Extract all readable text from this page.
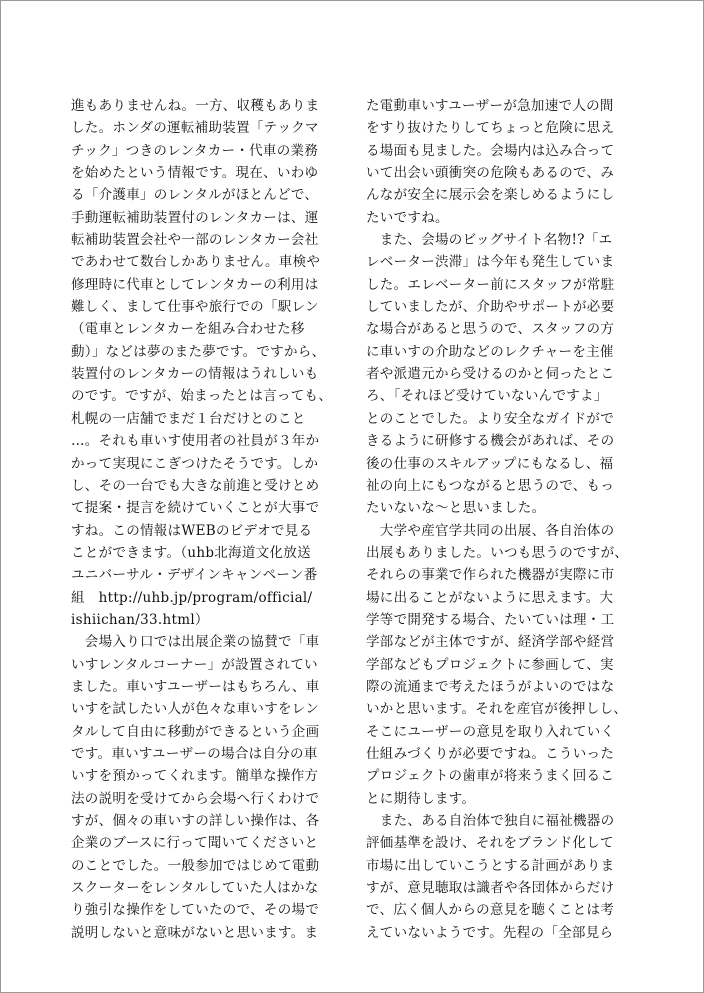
進もありませんね。一方、収穫もありま
した。ホンダの運転補助装置「テックマ
チック」つきのレンタカー・代車の業務
を始めたという情報です。現在、いわゆ
る「介護車」のレンタルがほとんどで、
手動運転補助装置付のレンタカーは、運
転補助装置会社や一部のレンタカー会社
であわせて数台しかありません。車検や
修理時に代車としてレンタカーの利用は
難しく、まして仕事や旅行での「駅レン
（電車とレンタカーを組み合わせた移
動）」などは夢のまた夢です。ですから、
装置付のレンタカーの情報はうれしいも
のです。ですが、始まったとは言っても、
札幌の一店舗でまだ１台だけとのこと
…。それも車いす使用者の社員が３年か
かって実現にこぎつけたそうです。しか
し、その一台でも大きな前進と受けとめ
て提案・提言を続けていくことが大事で
すね。この情報はWEBのビデオで見る
ことができます。（uhb北海道文化放送
ユニバーサル・デザインキャンペーン番
組　http://uhb.jp/program/official/
ishiichan/33.html）
　会場入り口では出展企業の協賛で「車
いすレンタルコーナー」が設置されてい
ました。車いすユーザーはもちろん、車
いすを試したい人が色々な車いすをレン
タルして自由に移動ができるという企画
です。車いすユーザーの場合は自分の車
いすを預かってくれます。簡単な操作方
法の説明を受けてから会場へ行くわけで
すが、個々の車いすの詳しい操作は、各
企業のブースに行って聞いてくださいと
のことでした。一般参加ではじめて電動
スクーターをレンタルしていた人はかな
り強引な操作をしていたので、その場で
説明しないと意味がないと思います。ま
た電動車いすユーザーが急加速で人の間
をすり抜けたりしてちょっと危険に思え
る場面も見ました。会場内は込み合って
いて出会い頭衝突の危険もあるので、み
んなが安全に展示会を楽しめるようにし
たいですね。
　また、会場のビッグサイト名物!?「エ
レベーター渋滞」は今年も発生していま
した。エレベーター前にスタッフが常駐
していましたが、介助やサポートが必要
な場合があると思うので、スタッフの方
に車いすの介助などのレクチャーを主催
者や派遣元から受けるのかと伺ったとこ
ろ、「それほど受けていないんですよ」
とのことでした。より安全なガイドがで
きるように研修する機会があれば、その
後の仕事のスキルアップにもなるし、福
祉の向上にもつながると思うので、もっ
たいないな～と思いました。
　大学や産官学共同の出展、各自治体の
出展もありました。いつも思うのですが、
それらの事業で作られた機器が実際に市
場に出ることがないように思えます。大
学等で開発する場合、たいていは理・工
学部などが主体ですが、経済学部や経営
学部などもプロジェクトに参画して、実
際の流通まで考えたほうがよいのではな
いかと思います。それを産官が後押しし、
そこにユーザーの意見を取り入れていく
仕組みづくりが必要ですね。こういった
プロジェクトの歯車が将来うまく回るこ
とに期待します。
　また、ある自治体で独自に福祉機器の
評価基準を設け、それをブランド化して
市場に出していこうとする計画がありま
すが、意見聴取は識者や各団体からだけ
で、広く個人からの意見を聴くことは考
えていないようです。先程の「全部見ら
